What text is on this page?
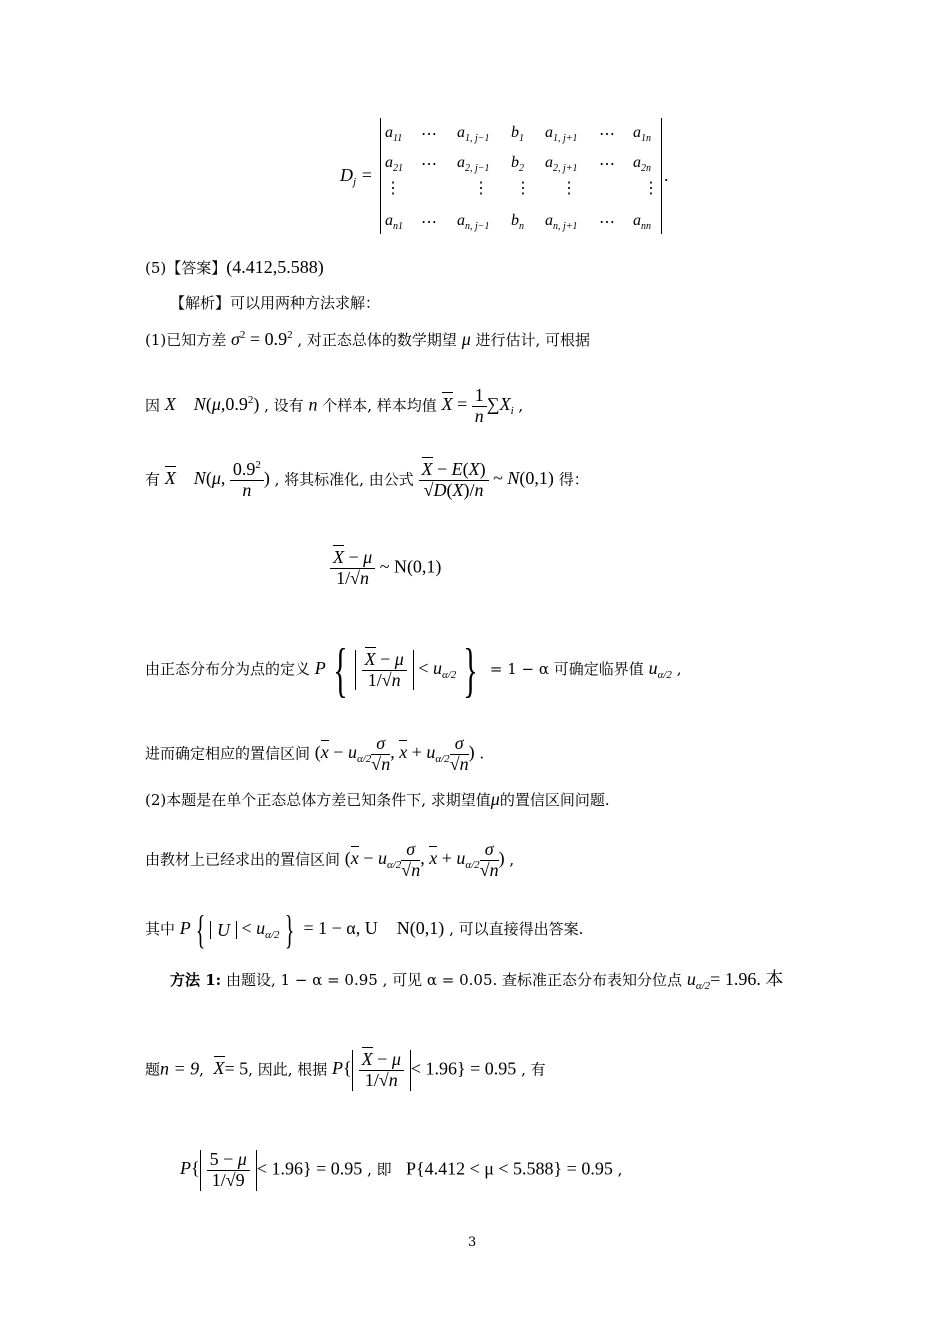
$D_j$ =
$a_{11}$ ⋯ $a_{1, j-1}$ $b_1$ $a_{1, j+1}$ ⋯ $a_{1n}$
$a_{21}$ ⋯ $a_{2, j-1}$ $b_2$ $a_{2, j+1}$ ⋯ $a_{2n}$
⋮	⋮ ⋮ ⋮	⋮
$a_{n1}$ ⋯ $a_{n, j-1}$ $b_n$ $a_{n, j+1}$ ⋯ $a_{nn}$
.
(5)【答案】(4.412,5.588)
【解析】可以用两种方法求解：
(1)已知方差 $\sigma^2 = 0.9^2$ , 对正态总体的数学期望 μ 进行估计, 可根据
因 X N(μ,0.9$^2$) , 设有 n 个样本, 样本均值 $X = \frac{1}{n} \sum X_i$ ,
有 X N(μ, $\frac{0.9^2}{n}$ ) , 将其标准化, 由公式 $\frac{X - E(X)}{√D(X)/n}$ ~ N(0,1) 得：
$\frac{X - \mu}{1/√n}$ ~ N(0,1)
由正态分布分为点的定义 P { $\frac{X - \mu}{1/√n} < u_{\alpha/2}$ } = 1 − α 可确定临界值 $u_{\alpha/2}$ ,
进而确定相应的置信区间 ($x - u_{\alpha/2} \frac{\sigma}{√n}$ , $x + u_{\alpha/2} \frac{\sigma}{√n}$ ) .
(2)本题是在单个正态总体方差已知条件下, 求期望值μ的置信区间问题.
由教材上已经求出的置信区间 ($x - u_{\alpha/2} \frac{\sigma}{√n}$ , $x + u_{\alpha/2} \frac{\sigma}{√n}$ ) ,
其中 P { $U < u_{\alpha/2}$ } = 1 − α, U N(0,1) , 可以直接得出答案.
方法 1: 由题设, 1 − α = 0.95 , 可见 α = 0.05. 查标准正态分布表知分位点 $u_{\alpha/2}= 1.96$. 本
题n = 9, X= 5, 因此, 根据 $P\{ \frac{X - \mu}{1/√n} < 1.96\} = 0.95$ , 有
$P\{ \frac{5 - \mu}{1/√9} < 1.96\} = 0.95$ , 即 P{4.412 < μ < 5.588} = 0.95 ,
3
